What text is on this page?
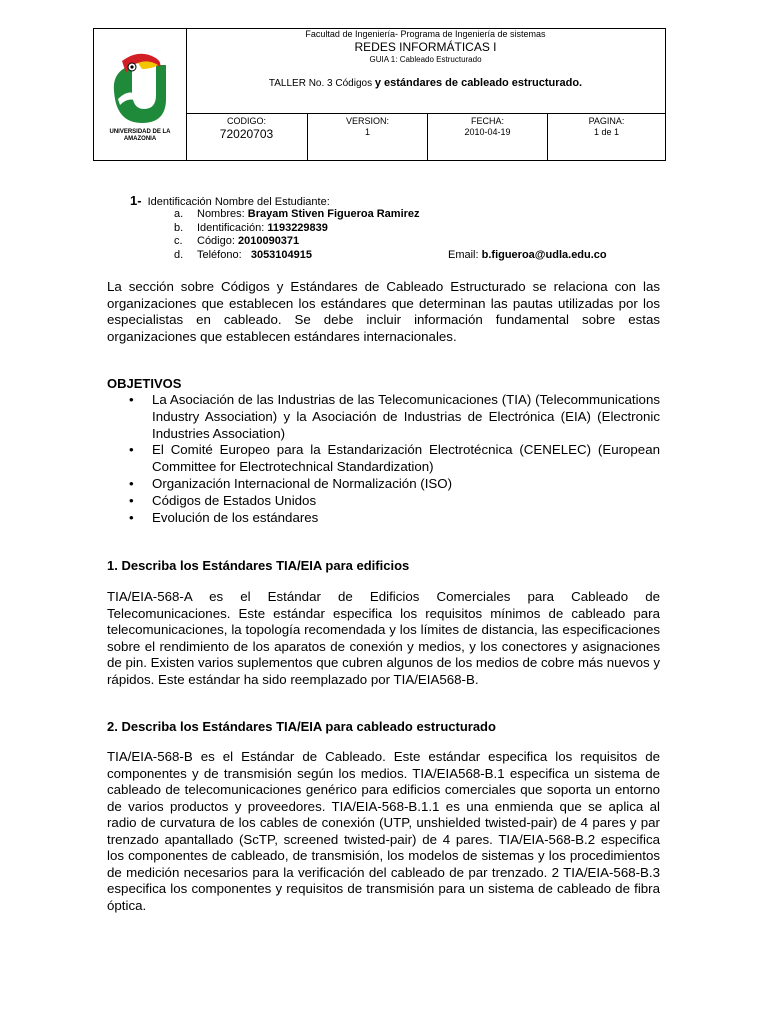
UNIVERSIDAD DE LA AMAZONIA
Facultad de Ingeniería- Programa de Ingeniería de sistemas
REDES INFORMÁTICAS I
GUIA 1: Cableado Estructurado
TALLER No. 3 Códigos y estándares de cableado estructurado.
CODIGO:
72020703
VERSION:
1
FECHA:
2010-04-19
PAGINA:
1 de 1
1- Identificación Nombre del Estudiante:
a. Nombres: Brayam Stiven Figueroa Ramirez
b. Identificación: 1193229839
c. Código: 2010090371
d. Teléfono: 3053104915	Email: b.figueroa@udla.edu.co

La sección sobre Códigos y Estándares de Cableado Estructurado se relaciona con las organizaciones que establecen los estándares que determinan las pautas utilizadas por los especialistas en cableado. Se debe incluir información fundamental sobre estas organizaciones que establecen estándares internacionales.

OBJETIVOS
• La Asociación de las Industrias de las Telecomunicaciones (TIA) (Telecommunications Industry Association) y la Asociación de Industrias de Electrónica (EIA) (Electronic Industries Association)
• El Comité Europeo para la Estandarización Electrotécnica (CENELEC) (European Committee for Electrotechnical Standardization)
• Organización Internacional de Normalización (ISO)
• Códigos de Estados Unidos
• Evolución de los estándares
1. Describa los Estándares TIA/EIA para edificios

TIA/EIA-568-A es el Estándar de Edificios Comerciales para Cableado de Telecomunicaciones. Este estándar especifica los requisitos mínimos de cableado para telecomunicaciones, la topología recomendada y los límites de distancia, las especificaciones sobre el rendimiento de los aparatos de conexión y medios, y los conectores y asignaciones de pin. Existen varios suplementos que cubren algunos de los medios de cobre más nuevos y rápidos. Este estándar ha sido reemplazado por TIA/EIA568-B.

2. Describa los Estándares TIA/EIA para cableado estructurado

TIA/EIA-568-B es el Estándar de Cableado. Este estándar especifica los requisitos de componentes y de transmisión según los medios. TIA/EIA568-B.1 especifica un sistema de cableado de telecomunicaciones genérico para edificios comerciales que soporta un entorno de varios productos y proveedores. TIA/EIA-568-B.1.1 es una enmienda que se aplica al radio de curvatura de los cables de conexión (UTP, unshielded twisted-pair) de 4 pares y par trenzado apantallado (ScTP, screened twisted-pair) de 4 pares. TIA/EIA-568-B.2 especifica los componentes de cableado, de transmisión, los modelos de sistemas y los procedimientos de medición necesarios para la verificación del cableado de par trenzado. 2 TIA/EIA-568-B.3 especifica los componentes y requisitos de transmisión para un sistema de cableado de fibra óptica.
